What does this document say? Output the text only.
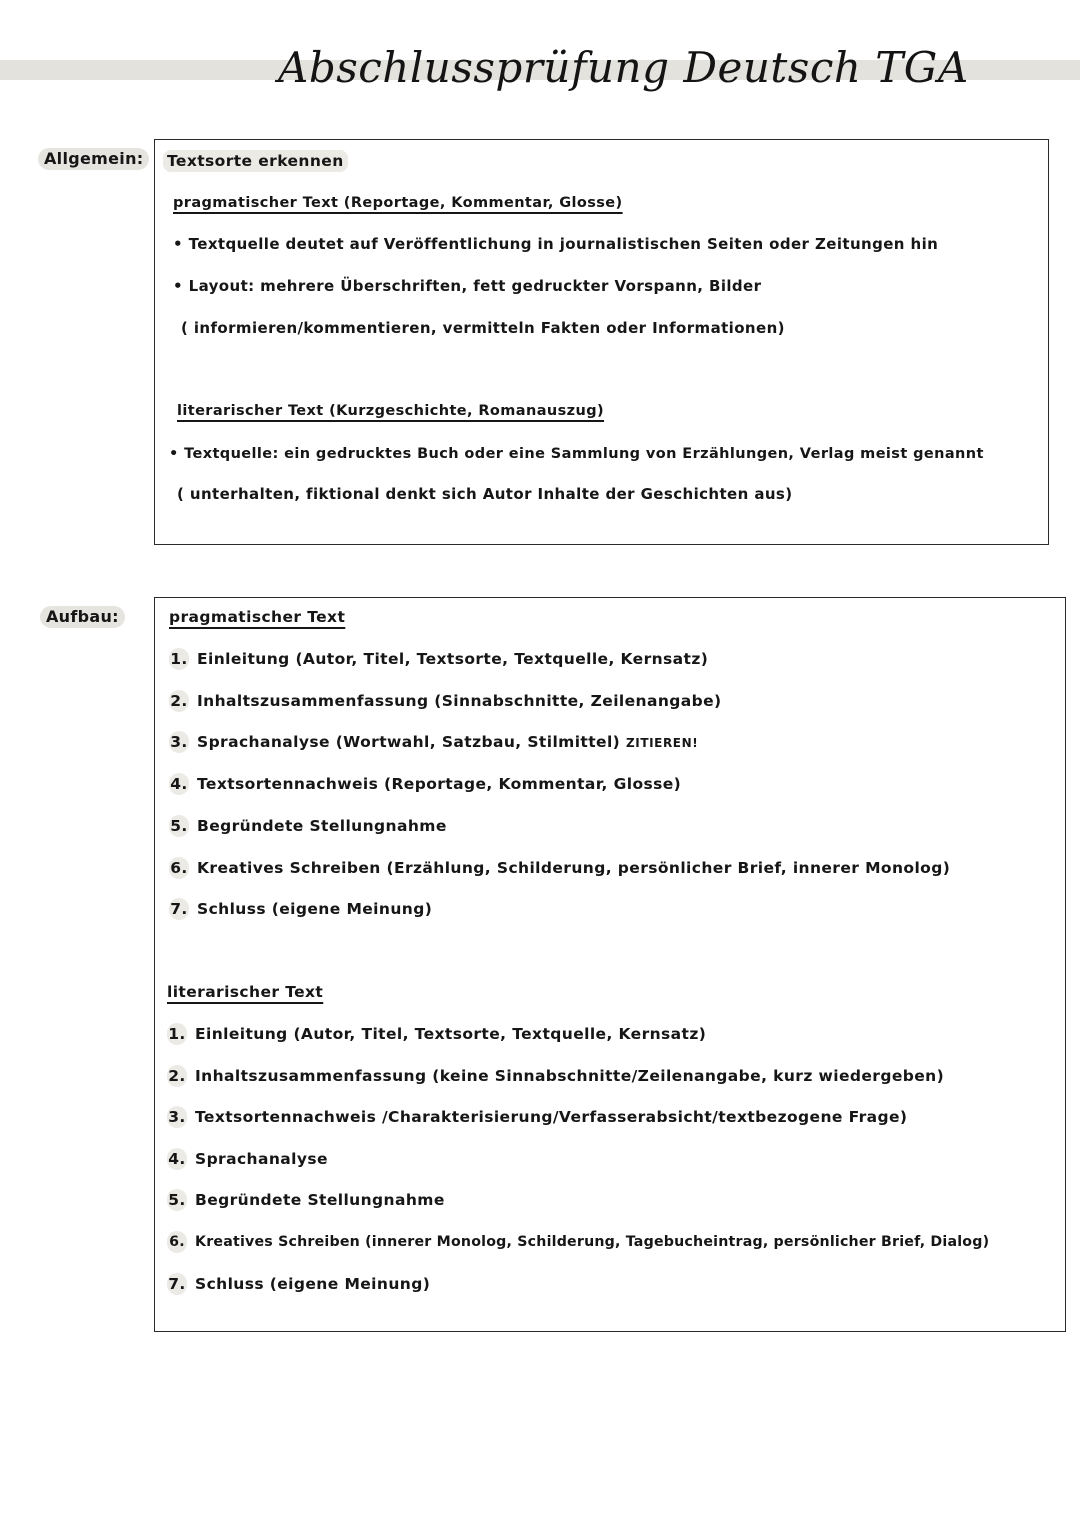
Abschlussprüfung Deutsch TGA
Allgemein:	Textsorte erkennen
pragmatischer Text (Reportage, Kommentar, Glosse)
• Textquelle deutet auf Veröffentlichung in journalistischen Seiten oder Zeitungen hin
• Layout: mehrere Überschriften, fett gedruckter Vorspann, Bilder
( informieren/kommentieren, vermitteln Fakten oder Informationen)
literarischer Text (Kurzgeschichte, Romanauszug)
• Textquelle: ein gedrucktes Buch oder eine Sammlung von Erzählungen, Verlag meist genannt
( unterhalten, fiktional denkt sich Autor Inhalte der Geschichten aus)
Aufbau:	pragmatischer Text
1. Einleitung (Autor, Titel, Textsorte, Textquelle, Kernsatz)
2. Inhaltszusammenfassung (Sinnabschnitte, Zeilenangabe)
3. Sprachanalyse (Wortwahl, Satzbau, Stilmittel) ZITIEREN!
4. Textsortennachweis (Reportage, Kommentar, Glosse)
5. Begründete Stellungnahme
6. Kreatives Schreiben (Erzählung, Schilderung, persönlicher Brief, innerer Monolog)
7. Schluss (eigene Meinung)
literarischer Text
1. Einleitung (Autor, Titel, Textsorte, Textquelle, Kernsatz)
2. Inhaltszusammenfassung (keine Sinnabschnitte/Zeilenangabe, kurz wiedergeben)
3. Textsortennachweis /Charakterisierung/Verfasserabsicht/textbezogene Frage)
4. Sprachanalyse
5. Begründete Stellungnahme
6. Kreatives Schreiben (innerer Monolog, Schilderung, Tagebucheintrag, persönlicher Brief, Dialog)
7. Schluss (eigene Meinung)
